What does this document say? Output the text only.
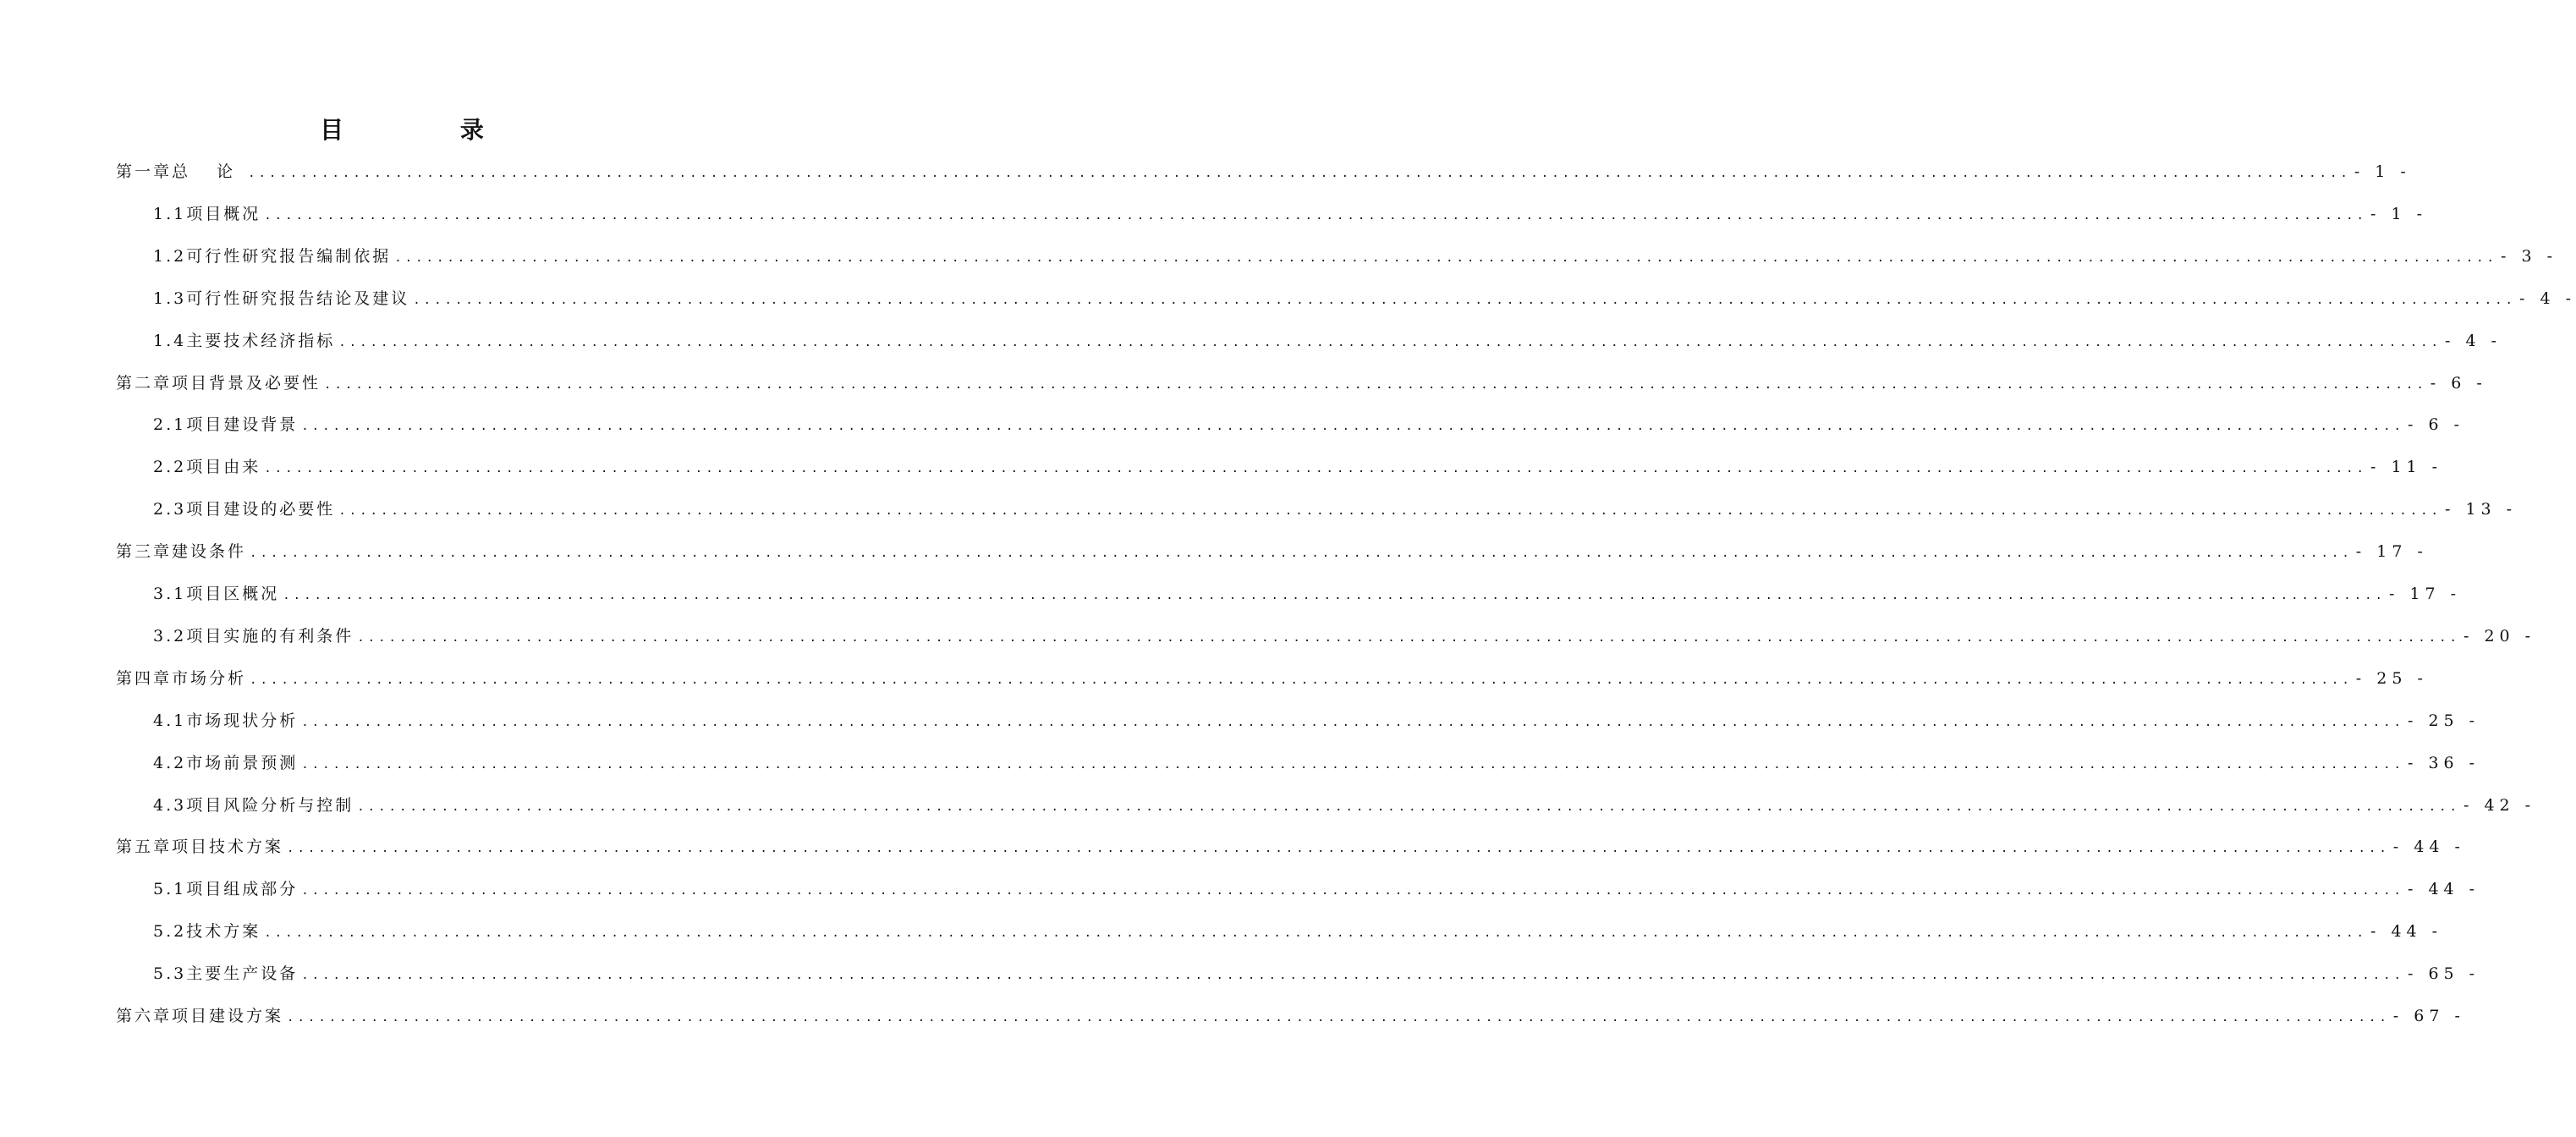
目 录
第一章 总 论 ........................................................................................................................................................................................................ - 1 -
1.1 项目概况 ........................................................................................................................................................................................................ - 1 -
1.2 可行性研究报告编制依据 ........................................................................................................................................................................................................ - 3 -
1.3 可行性研究报告结论及建议 ........................................................................................................................................................................................................ - 4 -
1.4 主要技术经济指标 ........................................................................................................................................................................................................ - 4 -
第二章 项目背景及必要性 ........................................................................................................................................................................................................ - 6 -
2.1 项目建设背景 ........................................................................................................................................................................................................ - 6 -
2.2 项目由来 ........................................................................................................................................................................................................ - 11 -
2.3 项目建设的必要性 ........................................................................................................................................................................................................ - 13 -
第三章 建设条件 ........................................................................................................................................................................................................ - 17 -
3.1 项目区概况 ........................................................................................................................................................................................................ - 17 -
3.2 项目实施的有利条件 ........................................................................................................................................................................................................ - 20 -
第四章 市场分析 ........................................................................................................................................................................................................ - 25 -
4.1 市场现状分析 ........................................................................................................................................................................................................ - 25 -
4.2 市场前景预测 ........................................................................................................................................................................................................ - 36 -
4.3 项目风险分析与控制 ........................................................................................................................................................................................................ - 42 -
第五章 项目技术方案 ........................................................................................................................................................................................................ - 44 -
5.1 项目组成部分 ........................................................................................................................................................................................................ - 44 -
5.2 技术方案 ........................................................................................................................................................................................................ - 44 -
5.3 主要生产设备 ........................................................................................................................................................................................................ - 65 -
第六章 项目建设方案 ........................................................................................................................................................................................................ - 67 -
